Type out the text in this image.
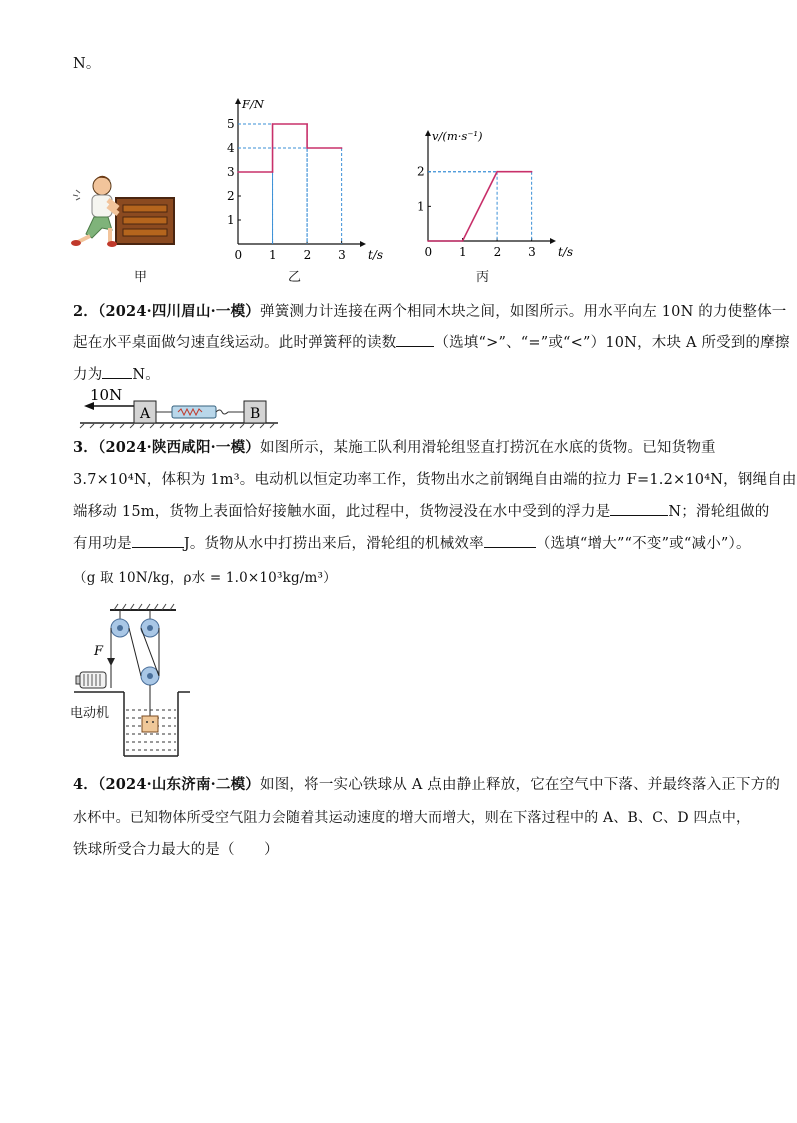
N。
甲
F/N
t/s
0 1 2 3
1
2
3
4
5
乙
v/(m·s⁻¹)
t/s
0 1 2 3
1
2
丙
2．（2024·四川眉山·一模）弹簧测力计连接在两个相同木块之间，如图所示。用水平向左 10N 的力使整体一
起在水平桌面做匀速直线运动。此时弹簧秤的读数	（选填“>”、“=”或“<”）10N，木块 A 所受到的摩擦
力为 N。
10N
A	B
3．（2024·陕西咸阳·一模）如图所示，某施工队利用滑轮组竖直打捞沉在水底的货物。已知货物重
3.7×10⁴N，体积为 1m³。电动机以恒定功率工作，货物出水之前钢绳自由端的拉力 F=1.2×10⁴N，钢绳自由
端移动 15m，货物上表面恰好接触水面，此过程中，货物浸没在水中受到的浮力是	N；滑轮组做的
有用功是	J。货物从水中打捞出来后，滑轮组的机械效率	（选填“增大”“不变”或“减小”）。
（g 取 10N/kg，ρ水 = 1.0×10³kg/m³）
F
电动机
4．（2024·山东济南·二模）如图，将一实心铁球从 A 点由静止释放，它在空气中下落、并最终落入正下方的
水杯中。已知物体所受空气阻力会随着其运动速度的增大而增大，则在下落过程中的 A、B、C、D 四点中，
铁球所受合力最大的是（　　）
